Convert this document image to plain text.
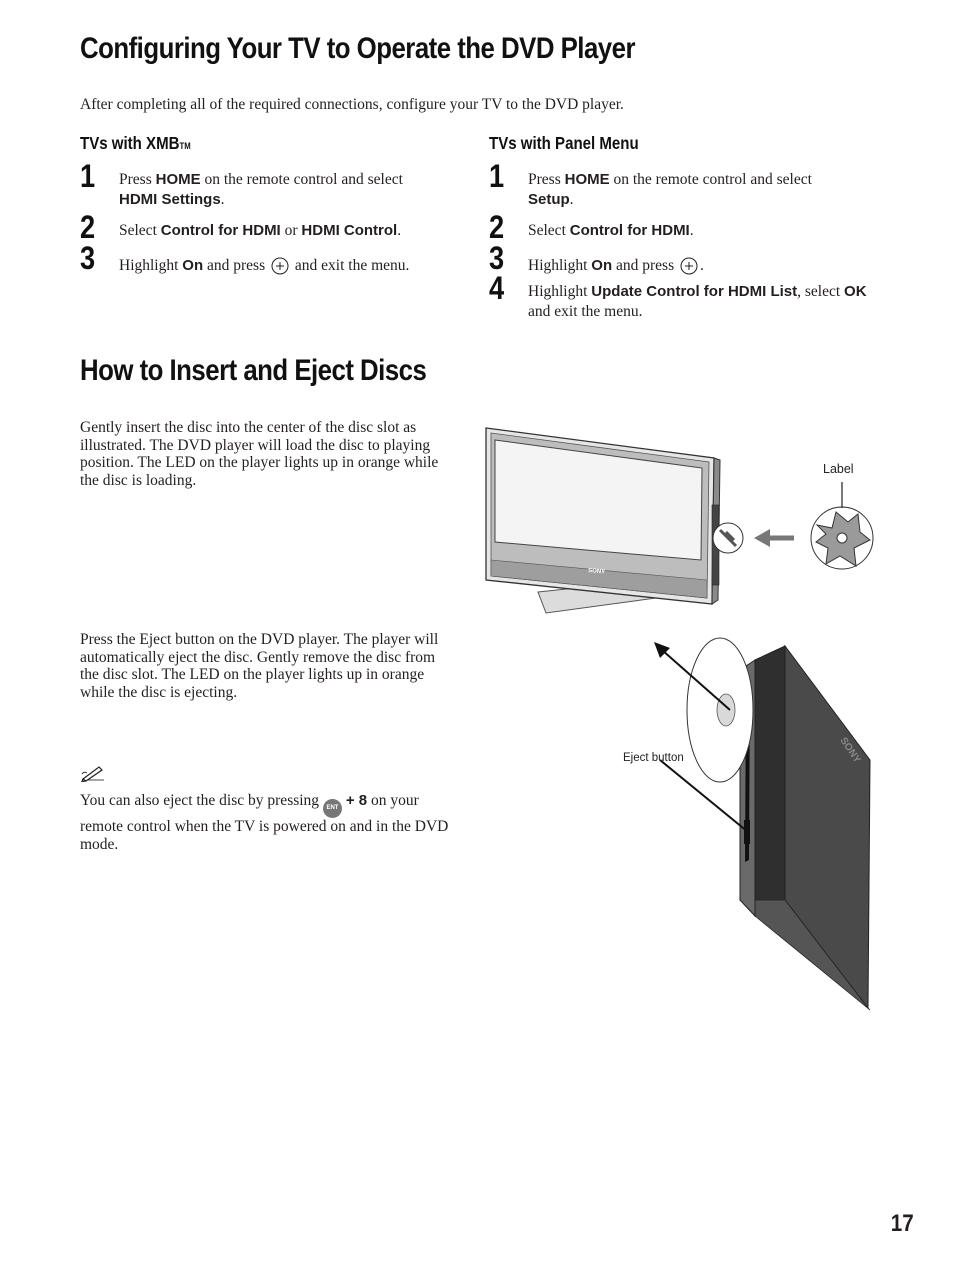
Configuring Your TV to Operate the DVD Player

After completing all of the required connections, configure your TV to the DVD player.

TVs with XMBTM	TVs with Panel Menu
1 Press HOME on the remote control and select
HDMI Settings.
2 Select Control for HDMI or HDMI Control.
3 Highlight On and press  and exit the menu.
1 Press HOME on the remote control and select
Setup.
2 Select Control for HDMI.
3 Highlight On and press .
4 Highlight Update Control for HDMI List, select OK and exit the menu.
How to Insert and Eject Discs

Gently insert the disc into the center of the disc slot as illustrated. The DVD player will load the disc to playing position. The LED on the player lights up in orange while the disc is loading.

Press the Eject button on the DVD player. The player will automatically eject the disc. Gently remove the disc from the disc slot. The LED on the player lights up in orange while the disc is ejecting.

You can also eject the disc by pressing ENT + 8 on your remote control when the TV is powered on and in the DVD mode.

SONY
Label
SONY
Eject button
17
